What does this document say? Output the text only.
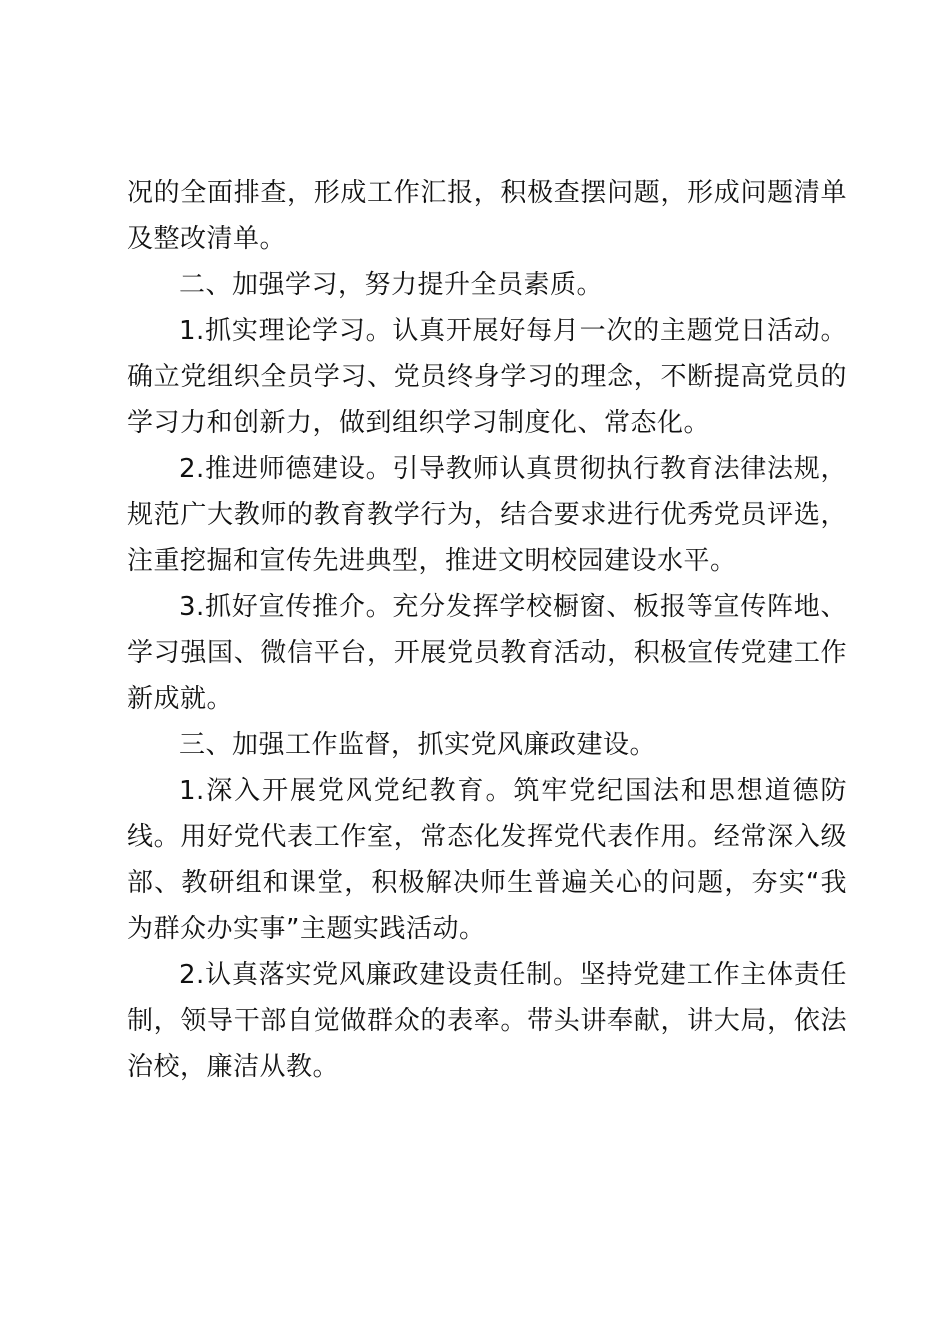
况的全面排查，形成工作汇报，积极查摆问题，形成问题清单及整改清单。

二、加强学习，努力提升全员素质。

1.抓实理论学习。认真开展好每月一次的主题党日活动。确立党组织全员学习、党员终身学习的理念，不断提高党员的学习力和创新力，做到组织学习制度化、常态化。

2.推进师德建设。引导教师认真贯彻执行教育法律法规，规范广大教师的教育教学行为，结合要求进行优秀党员评选，注重挖掘和宣传先进典型，推进文明校园建设水平。

3.抓好宣传推介。充分发挥学校橱窗、板报等宣传阵地、学习强国、微信平台，开展党员教育活动，积极宣传党建工作新成就。

三、加强工作监督，抓实党风廉政建设。

1.深入开展党风党纪教育。筑牢党纪国法和思想道德防线。用好党代表工作室，常态化发挥党代表作用。经常深入级部、教研组和课堂，积极解决师生普遍关心的问题，夯实“我为群众办实事”主题实践活动。

2.认真落实党风廉政建设责任制。坚持党建工作主体责任制，领导干部自觉做群众的表率。带头讲奉献，讲大局，依法治校，廉洁从教。
